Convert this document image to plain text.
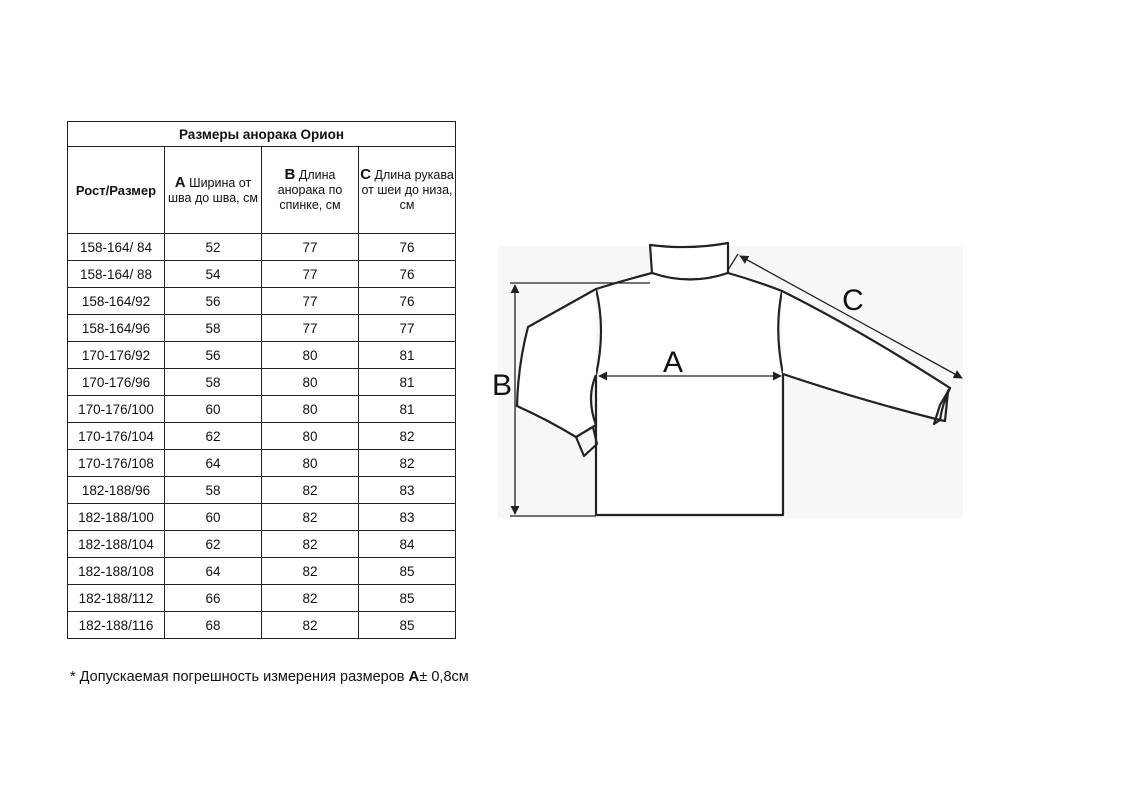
Размеры анорака Орион			
Рост/Размер	A Ширина от шва до шва, см	B Длина анорака по спинке, см	C Длина рукава от шеи до низа, см
158-164/ 84	52	77	76
158-164/ 88	54	77	76
158-164/92	56	77	76
158-164/96	58	77	77
170-176/92	56	80	81
170-176/96	58	80	81
170-176/100	60	80	81
170-176/104	62	80	82
170-176/108	64	80	82
182-188/96	58	82	83
182-188/100	60	82	83
182-188/104	62	82	84
182-188/108	64	82	85
182-188/112	66	82	85
182-188/116	68	82	85
* Допускаемая погрешность измерения размеров A± 0,8см
A
B
C
